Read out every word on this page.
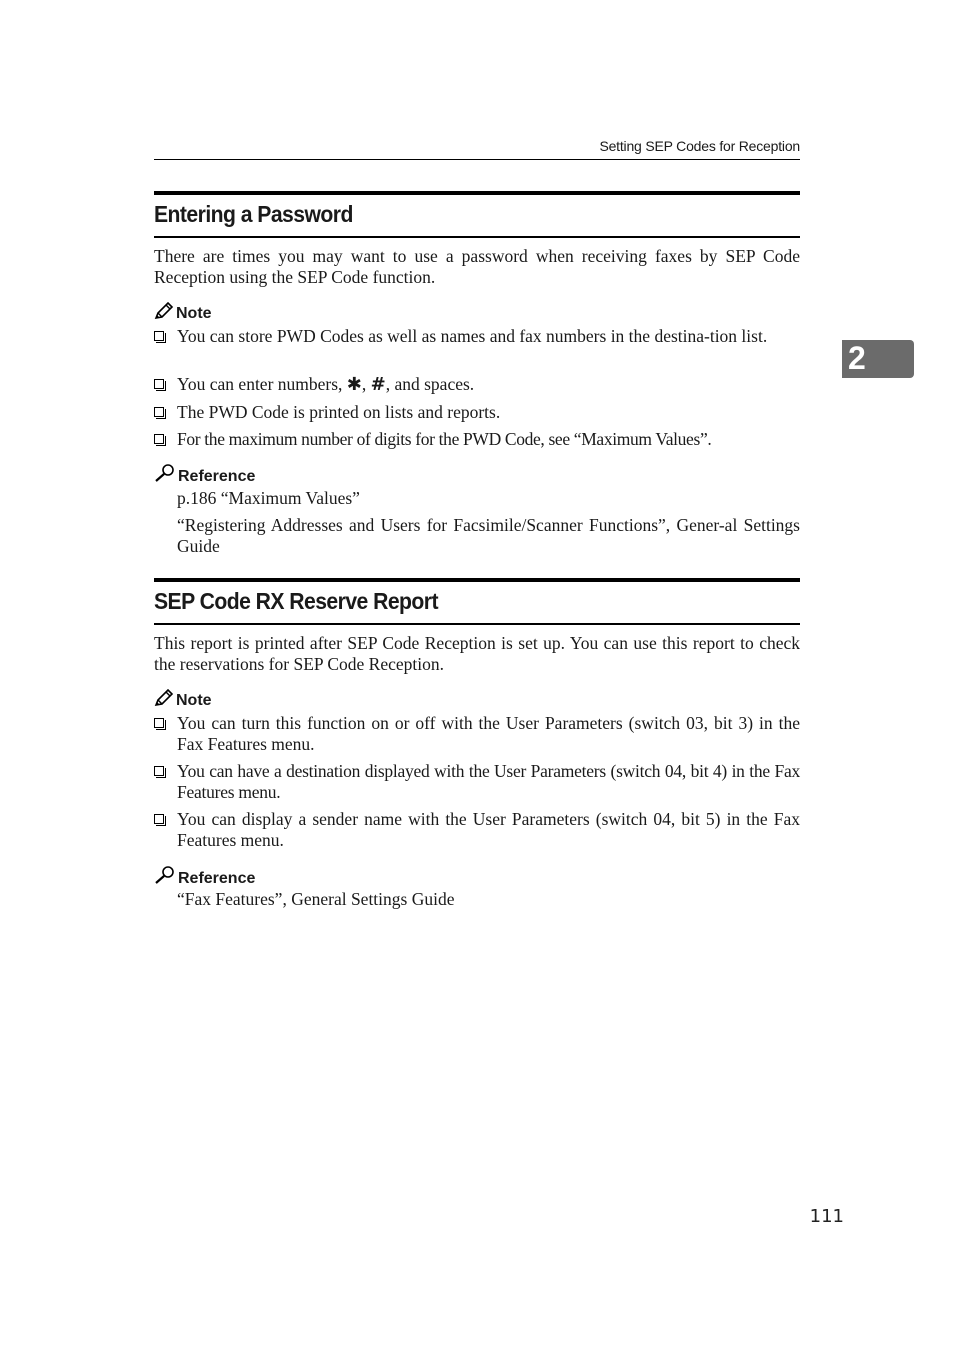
Setting SEP Codes for Reception
2
Entering a Password
There are times you may want to use a password when receiving faxes by SEP Code Reception using the SEP Code function.
Note
You can store PWD Codes as well as names and fax numbers in the destina-tion list.
You can enter numbers, ✱, #, and spaces.
The PWD Code is printed on lists and reports.
For the maximum number of digits for the PWD Code, see “Maximum Values”.
Reference
p.186 “Maximum Values”
“Registering Addresses and Users for Facsimile/Scanner Functions”, Gener-al Settings Guide
SEP Code RX Reserve Report
This report is printed after SEP Code Reception is set up. You can use this report to check the reservations for SEP Code Reception.
Note
You can turn this function on or off with the User Parameters (switch 03, bit 3) in the Fax Features menu.
You can have a destination displayed with the User Parameters (switch 04, bit 4) in the Fax Features menu.
You can display a sender name with the User Parameters (switch 04, bit 5) in the Fax Features menu.
Reference
“Fax Features”, General Settings Guide
111
